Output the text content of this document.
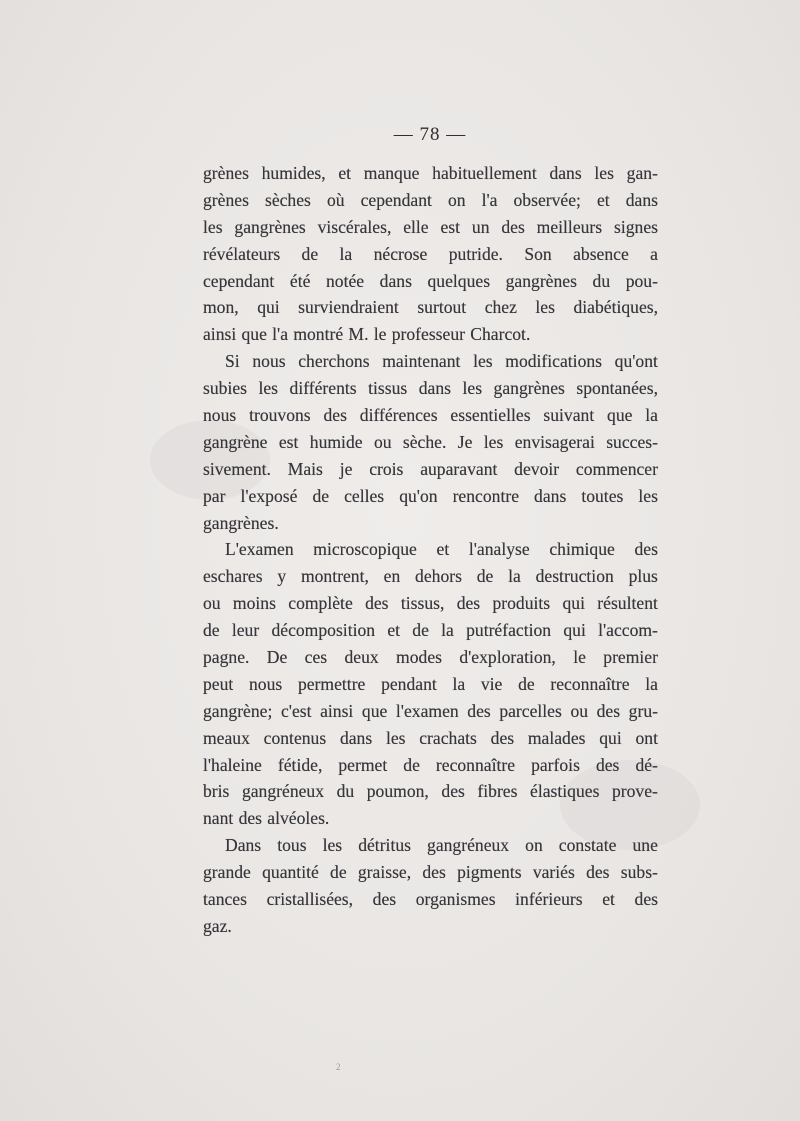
— 78 —
grènes humides, et manque habituellement dans les gan-
grènes sèches où cependant on l'a observée; et dans
les gangrènes viscérales, elle est un des meilleurs signes
révélateurs de la nécrose putride. Son absence a
cependant été notée dans quelques gangrènes du pou-
mon, qui surviendraient surtout chez les diabétiques,
ainsi que l'a montré M. le professeur Charcot.
Si nous cherchons maintenant les modifications qu'ont
subies les différents tissus dans les gangrènes spontanées,
nous trouvons des différences essentielles suivant que la
gangrène est humide ou sèche. Je les envisagerai succes-
sivement. Mais je crois auparavant devoir commencer
par l'exposé de celles qu'on rencontre dans toutes les
gangrènes.
L'examen microscopique et l'analyse chimique des
eschares y montrent, en dehors de la destruction plus
ou moins complète des tissus, des produits qui résultent
de leur décomposition et de la putréfaction qui l'accom-
pagne. De ces deux modes d'exploration, le premier
peut nous permettre pendant la vie de reconnaître la
gangrène; c'est ainsi que l'examen des parcelles ou des gru-
meaux contenus dans les crachats des malades qui ont
l'haleine fétide, permet de reconnaître parfois des dé-
bris gangréneux du poumon, des fibres élastiques prove-
nant des alvéoles.
Dans tous les détritus gangréneux on constate une
grande quantité de graisse, des pigments variés des subs-
tances cristallisées, des organismes inférieurs et des
gaz.
2
